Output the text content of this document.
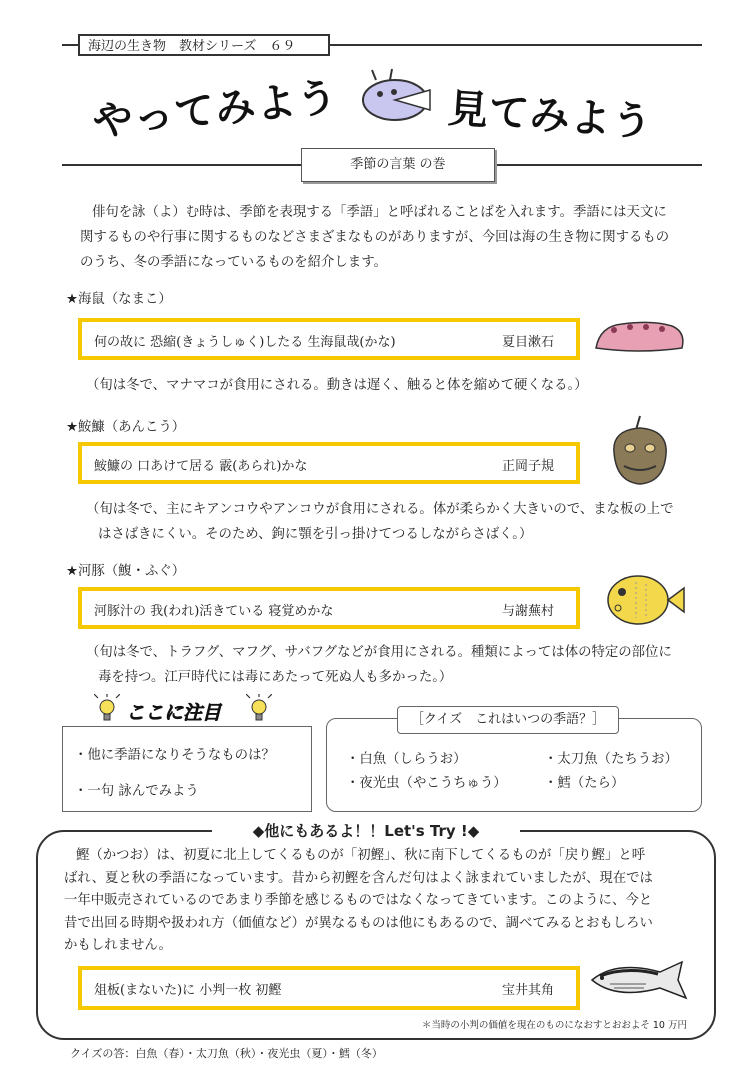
海辺の生き物　教材シリーズ　６９
やってみよう	見てみよう
季節の言葉 の巻
俳句を詠（よ）む時は、季節を表現する「季語」と呼ばれることばを入れます。季語には天文に
関するものや行事に関するものなどさまざまなものがありますが、今回は海の生き物に関するもの
のうち、冬の季語になっているものを紹介します。
★海鼠（なまこ）
何の故に 恐縮(きょうしゅく)したる 生海鼠哉(かな)	夏目漱石
（旬は冬で、マナマコが食用にされる。動きは遅く、触ると体を縮めて硬くなる。）
★鮟鱇（あんこう）
鮟鱇の 口あけて居る 霰(あられ)かな	正岡子規
（旬は冬で、主にキアンコウやアンコウが食用にされる。体が柔らかく大きいので、まな板の上で
はさばきにくい。そのため、鉤に顎を引っ掛けてつるしながらさばく。）
★河豚（鰒・ふぐ）
河豚汁の 我(われ)活きている 寝覚めかな	与謝蕪村
（旬は冬で、トラフグ、マフグ、サバフグなどが食用にされる。種類によっては体の特定の部位に
毒を持つ。江戸時代には毒にあたって死ぬ人も多かった。）
ここに注目
・他に季語になりそうなものは？
・一句 詠んでみよう
［クイズ　これはいつの季語？］
・白魚（しらうお）	・太刀魚（たちうお）
・夜光虫（やこうちゅう）	・鱈（たら）
◆他にもあるよ！！Let's Try !◆
鰹（かつお）は、初夏に北上してくるものが「初鰹」、秋に南下してくるものが「戻り鰹」と呼
ばれ、夏と秋の季語になっています。昔から初鰹を含んだ句はよく詠まれていましたが、現在では
一年中販売されているのであまり季節を感じるものではなくなってきています。このように、今と
昔で出回る時期や扱われ方（価値など）が異なるものは他にもあるので、調べてみるとおもしろい
かもしれません。
俎板(まないた)に 小判一枚 初鰹	宝井其角
＊当時の小判の価値を現在のものになおすとおおよそ 10 万円
クイズの答：白魚（春）・太刀魚（秋）・夜光虫（夏）・鱈（冬）
